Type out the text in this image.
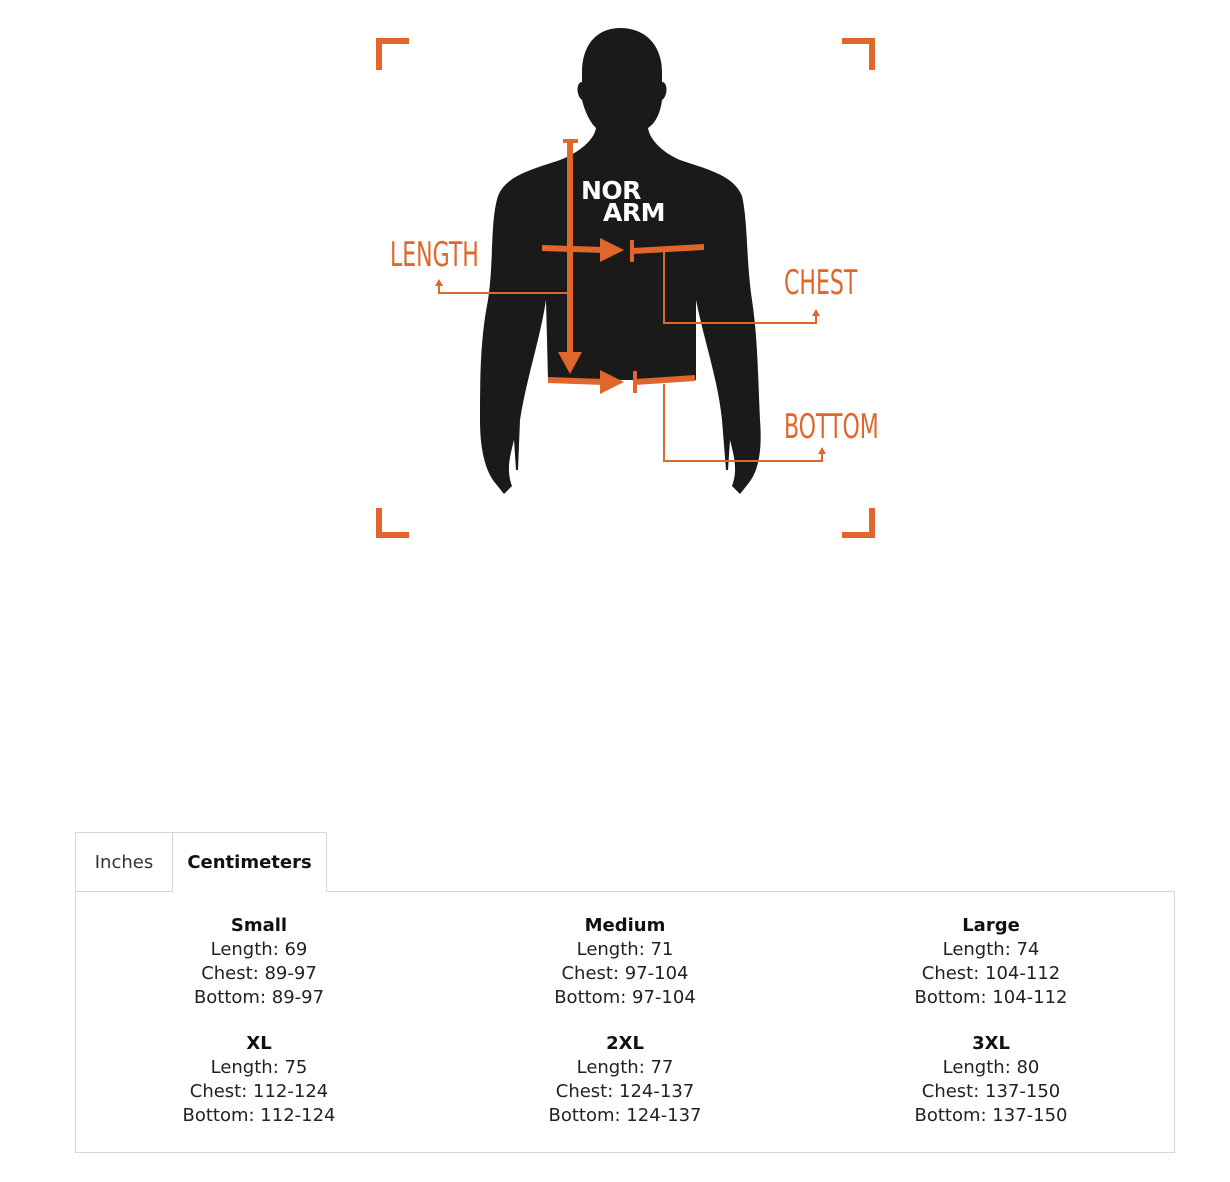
NOR
ARM
LENGTH
CHEST
BOTTOM
Inches	Centimeters
Small
Length: 69
Chest: 89-97
Bottom: 89-97
Medium
Length: 71
Chest: 97-104
Bottom: 97-104
Large
Length: 74
Chest: 104-112
Bottom: 104-112
XL
Length: 75
Chest: 112-124
Bottom: 112-124
2XL
Length: 77
Chest: 124-137
Bottom: 124-137
3XL
Length: 80
Chest: 137-150
Bottom: 137-150
